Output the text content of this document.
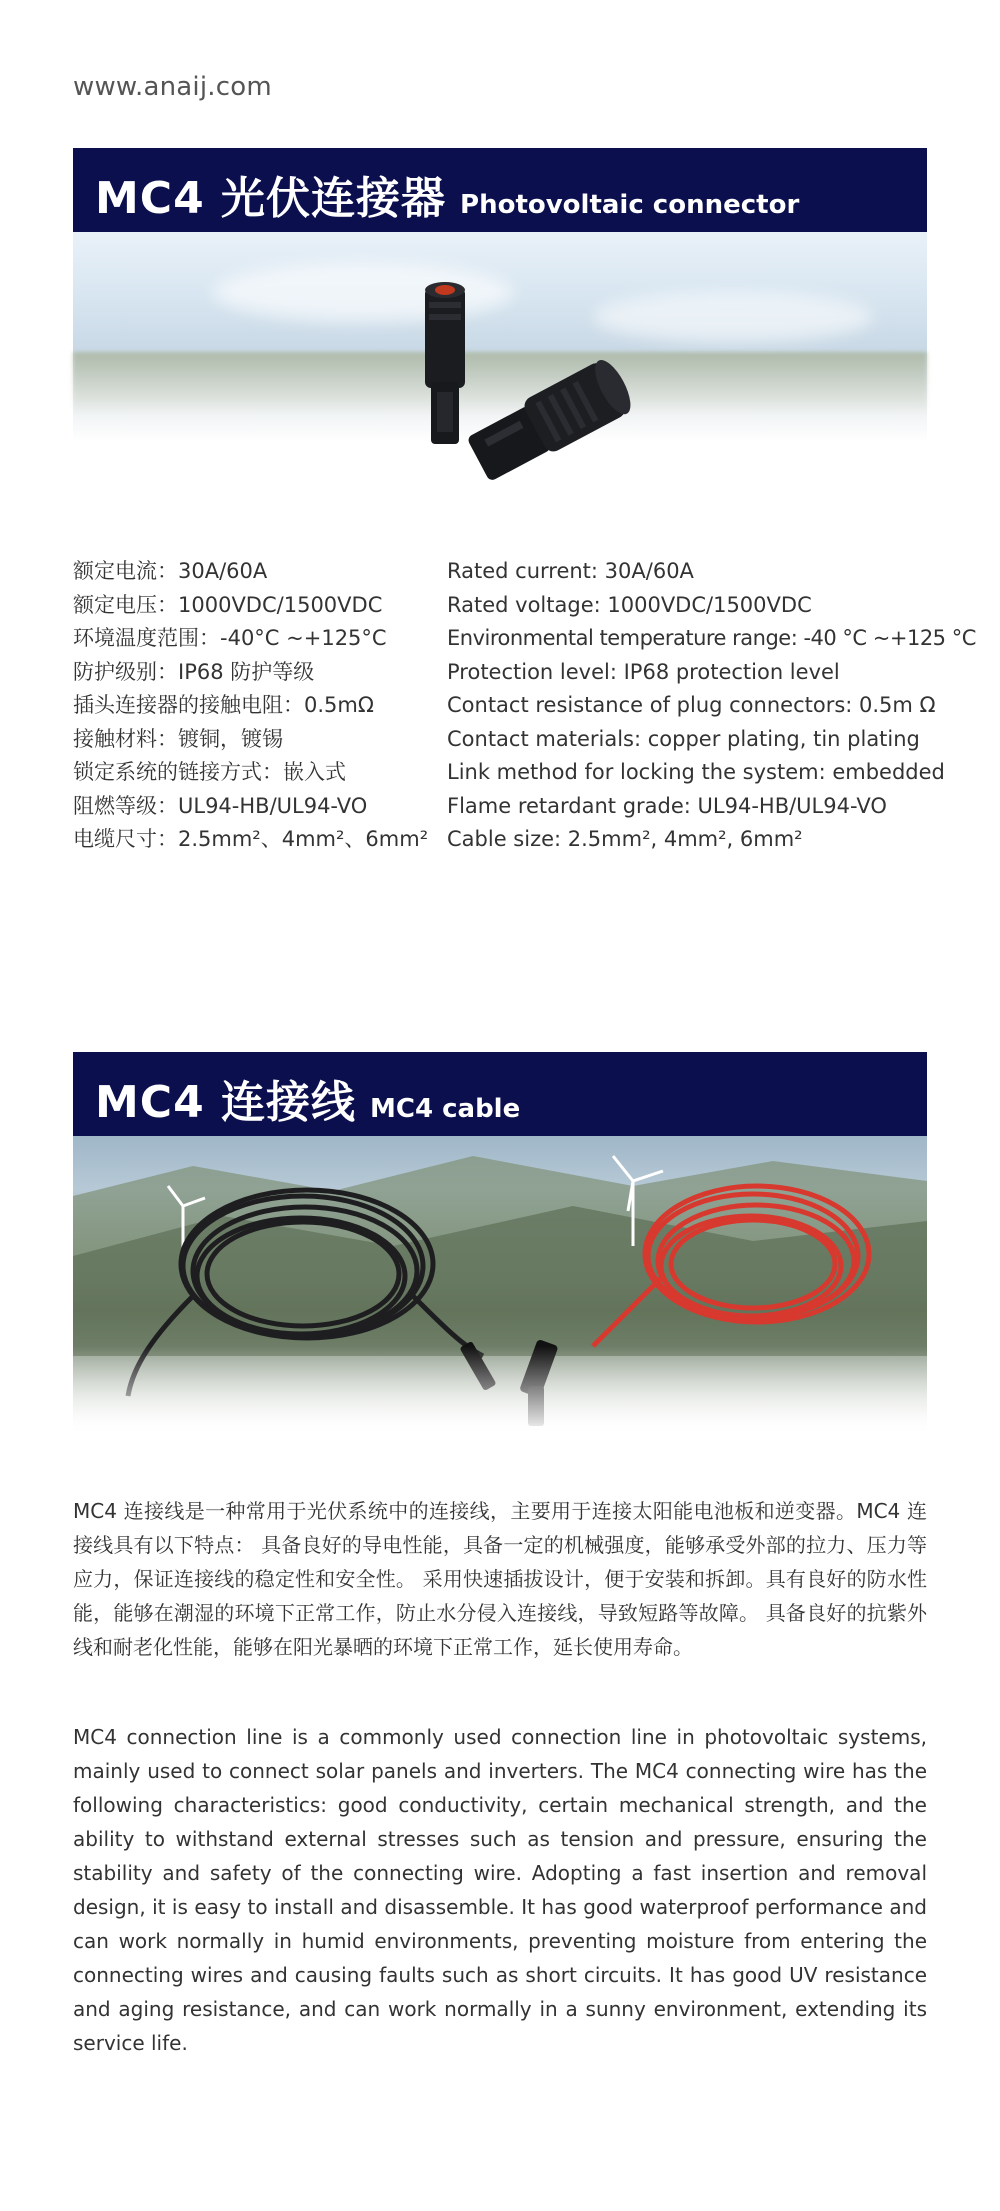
www.anaij.com
MC4 光伏连接器 Photovoltaic connector
额定电流：30A/60A
额定电压：1000VDC/1500VDC
环境温度范围：-40°C ~+125°C
防护级别：IP68 防护等级
插头连接器的接触电阻：0.5mΩ
接触材料：镀铜，镀锡
锁定系统的链接方式：嵌入式
阻燃等级：UL94-HB/UL94-VO
电缆尺寸：2.5mm²、4mm²、6mm²
Rated current: 30A/60A
Rated voltage: 1000VDC/1500VDC
Environmental temperature range: -40 °C ~+125 °C
Protection level: IP68 protection level
Contact resistance of plug connectors: 0.5m Ω
Contact materials: copper plating, tin plating
Link method for locking the system: embedded
Flame retardant grade: UL94-HB/UL94-VO
Cable size: 2.5mm², 4mm², 6mm²
MC4 连接线 MC4 cable
MC4 连接线是一种常用于光伏系统中的连接线，主要用于连接太阳能电池板和逆变器。MC4 连接线具有以下特点： 具备良好的导电性能，具备一定的机械强度，能够承受外部的拉力、压力等应力，保证连接线的稳定性和安全性。 采用快速插拔设计，便于安装和拆卸。具有良好的防水性能，能够在潮湿的环境下正常工作，防止水分侵入连接线，导致短路等故障。 具备良好的抗紫外线和耐老化性能，能够在阳光暴晒的环境下正常工作，延长使用寿命。
MC4 connection line is a commonly used connection line in photovoltaic systems, mainly used to connect solar panels and inverters. The MC4 connecting wire has the following characteristics: good conductivity, certain mechanical strength, and the ability to withstand external stresses such as tension and pressure, ensuring the stability and safety of the connecting wire. Adopting a fast insertion and removal design, it is easy to install and disassemble. It has good waterproof performance and can work normally in humid environments, preventing moisture from entering the connecting wires and causing faults such as short circuits. It has good UV resistance and aging resistance, and can work normally in a sunny environment, extending its service life.
